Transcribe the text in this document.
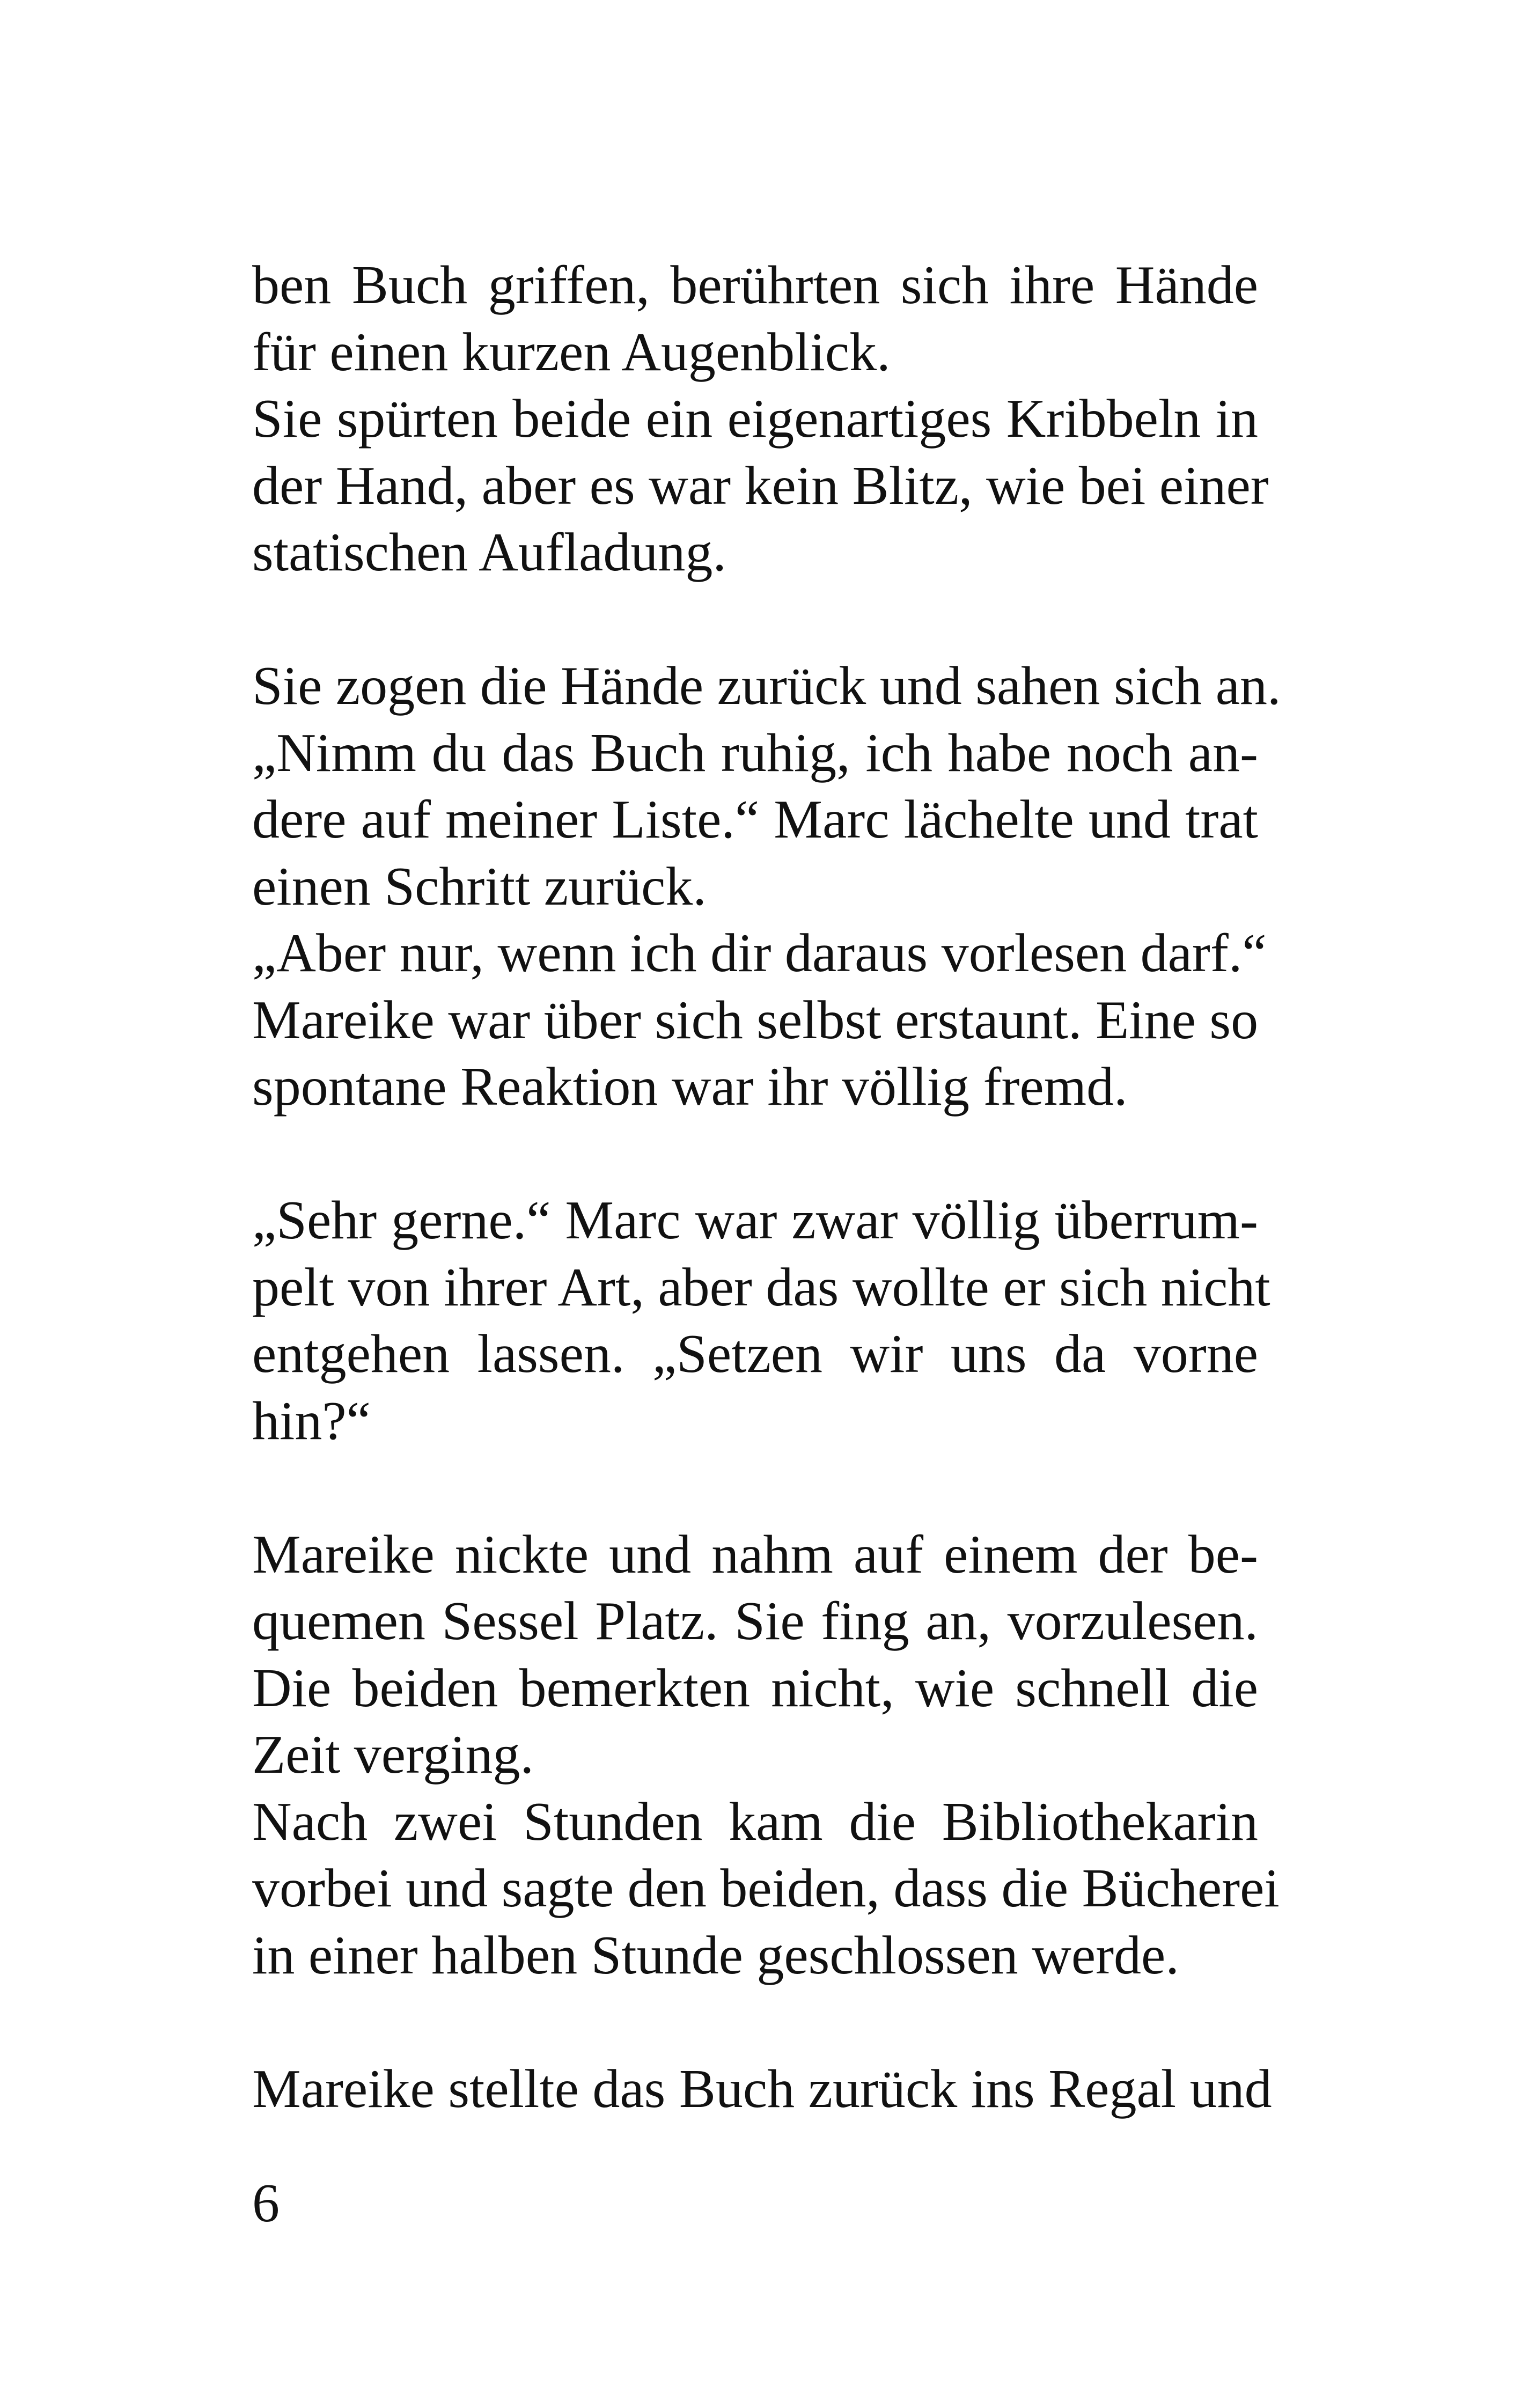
ben Buch griffen, berührten sich ihre Hände
für einen kurzen Augenblick.
Sie spürten beide ein eigenartiges Kribbeln in
der Hand, aber es war kein Blitz, wie bei einer
statischen Aufladung.
Sie zogen die Hände zurück und sahen sich an.
„Nimm du das Buch ruhig, ich habe noch an-
dere auf meiner Liste.“ Marc lächelte und trat
einen Schritt zurück.
„Aber nur, wenn ich dir daraus vorlesen darf.“
Mareike war über sich selbst erstaunt. Eine so
spontane Reaktion war ihr völlig fremd.
„Sehr gerne.“ Marc war zwar völlig überrum-
pelt von ihrer Art, aber das wollte er sich nicht
entgehen lassen. „Setzen wir uns da vorne
hin?“
Mareike nickte und nahm auf einem der be-
quemen Sessel Platz. Sie fing an, vorzulesen.
Die beiden bemerkten nicht, wie schnell die
Zeit verging.
Nach zwei Stunden kam die Bibliothekarin
vorbei und sagte den beiden, dass die Bücherei
in einer halben Stunde geschlossen werde.
Mareike stellte das Buch zurück ins Regal und
6
